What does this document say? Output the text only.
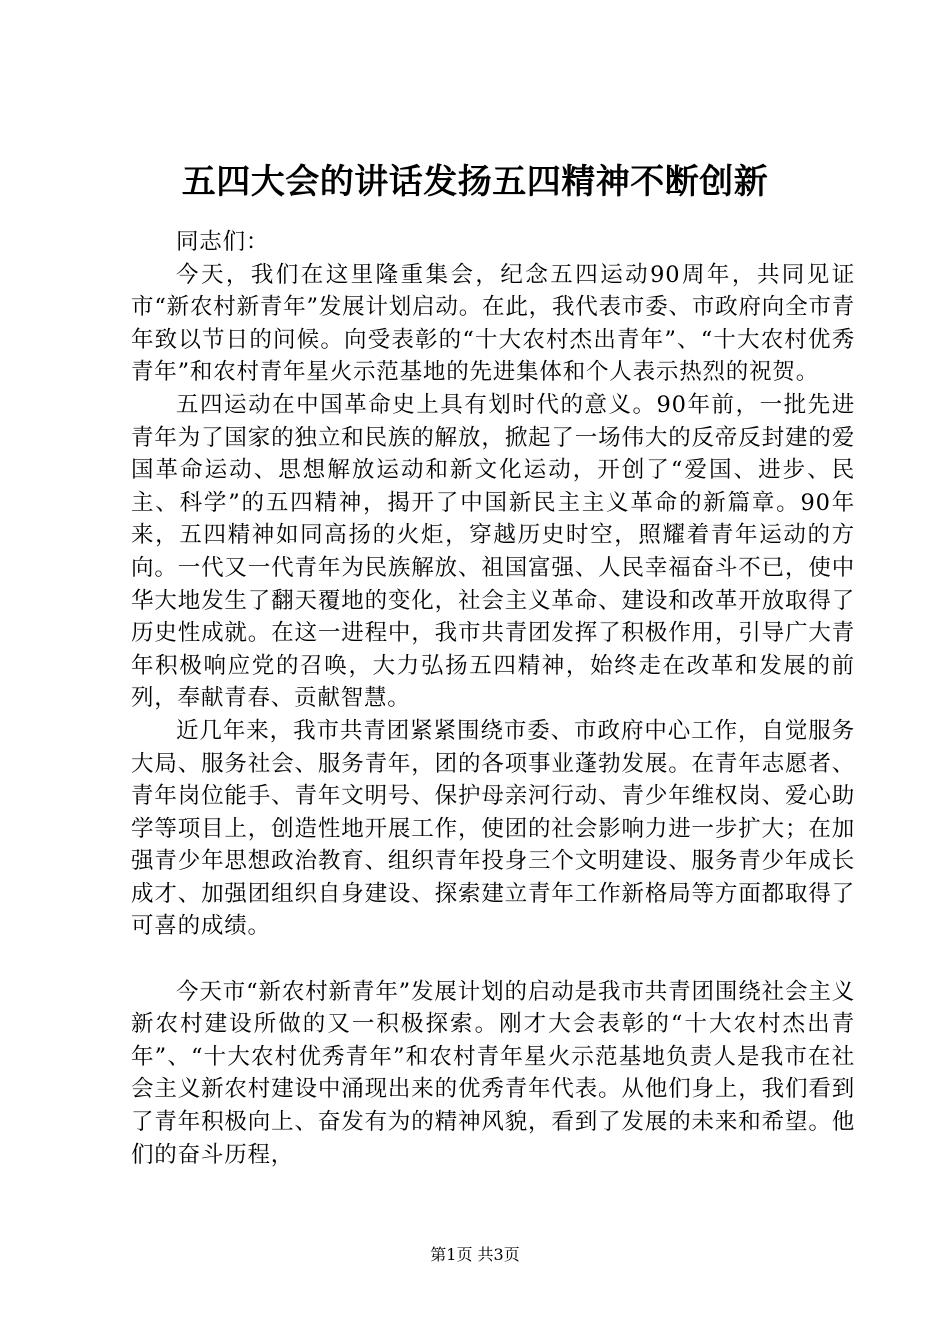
五四大会的讲话发扬五四精神不断创新

同志们：

今天，我们在这里隆重集会，纪念五四运动90周年，共同见证市“新农村新青年”发展计划启动。在此，我代表市委、市政府向全市青年致以节日的问候。向受表彰的“十大农村杰出青年”、“十大农村优秀青年”和农村青年星火示范基地的先进集体和个人表示热烈的祝贺。

五四运动在中国革命史上具有划时代的意义。90年前，一批先进青年为了国家的独立和民族的解放，掀起了一场伟大的反帝反封建的爱国革命运动、思想解放运动和新文化运动，开创了“爱国、进步、民主、科学”的五四精神，揭开了中国新民主主义革命的新篇章。90年来，五四精神如同高扬的火炬，穿越历史时空，照耀着青年运动的方向。一代又一代青年为民族解放、祖国富强、人民幸福奋斗不已，使中华大地发生了翻天覆地的变化，社会主义革命、建设和改革开放取得了历史性成就。在这一进程中，我市共青团发挥了积极作用，引导广大青年积极响应党的召唤，大力弘扬五四精神，始终走在改革和发展的前列，奉献青春、贡献智慧。

近几年来，我市共青团紧紧围绕市委、市政府中心工作，自觉服务大局、服务社会、服务青年，团的各项事业蓬勃发展。在青年志愿者、青年岗位能手、青年文明号、保护母亲河行动、青少年维权岗、爱心助学等项目上，创造性地开展工作，使团的社会影响力进一步扩大；在加强青少年思想政治教育、组织青年投身三个文明建设、服务青少年成长成才、加强团组织自身建设、探索建立青年工作新格局等方面都取得了可喜的成绩。

今天市“新农村新青年”发展计划的启动是我市共青团围绕社会主义新农村建设所做的又一积极探索。刚才大会表彰的“十大农村杰出青年”、“十大农村优秀青年”和农村青年星火示范基地负责人是我市在社会主义新农村建设中涌现出来的优秀青年代表。从他们身上，我们看到了青年积极向上、奋发有为的精神风貌，看到了发展的未来和希望。他们的奋斗历程，

第1页 共3页
